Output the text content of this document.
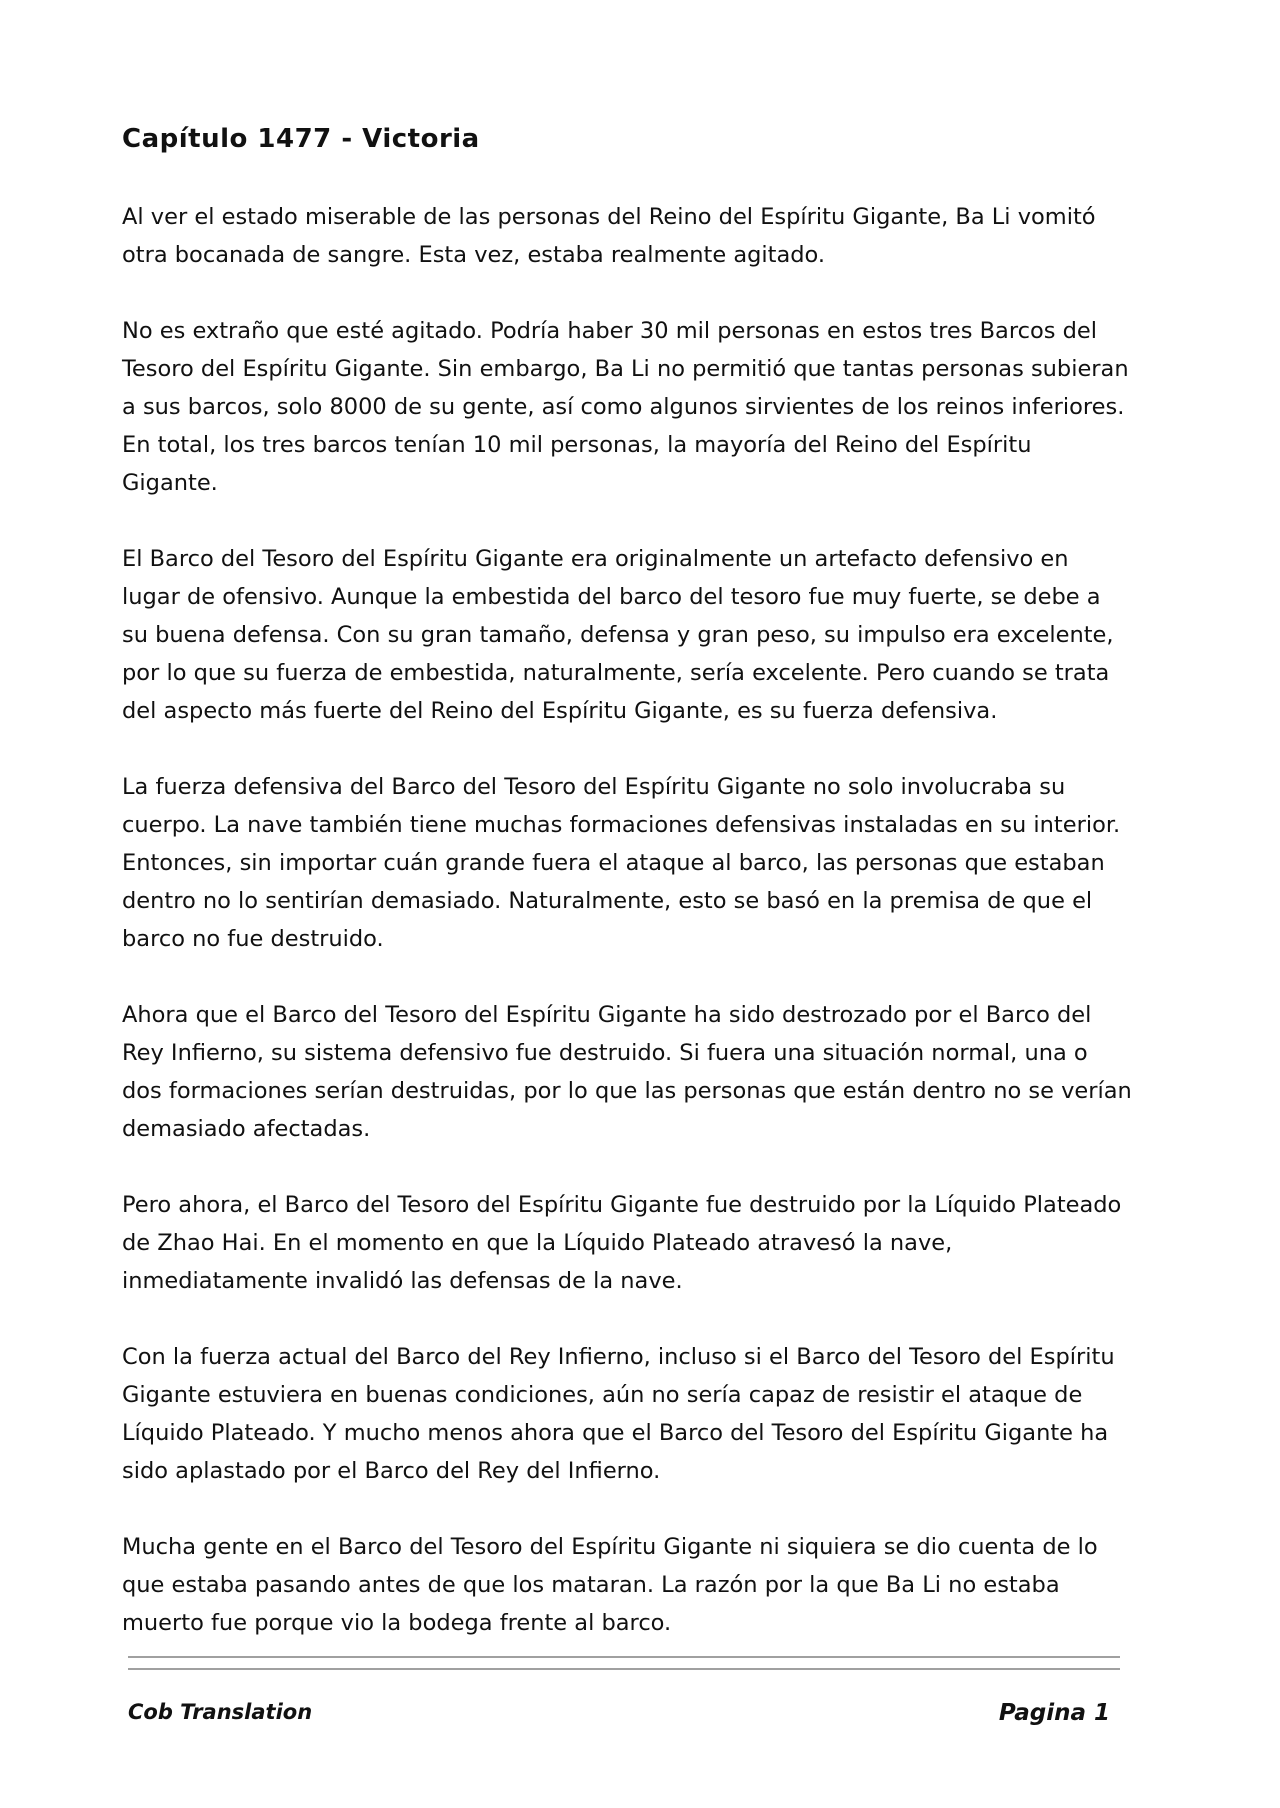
Capítulo 1477 - Victoria

Al ver el estado miserable de las personas del Reino del Espíritu Gigante, Ba Li vomitó otra bocanada de sangre. Esta vez, estaba realmente agitado.

No es extraño que esté agitado. Podría haber 30 mil personas en estos tres Barcos del Tesoro del Espíritu Gigante. Sin embargo, Ba Li no permitió que tantas personas subieran a sus barcos, solo 8000 de su gente, así como algunos sirvientes de los reinos inferiores. En total, los tres barcos tenían 10 mil personas, la mayoría del Reino del Espíritu Gigante.

El Barco del Tesoro del Espíritu Gigante era originalmente un artefacto defensivo en lugar de ofensivo. Aunque la embestida del barco del tesoro fue muy fuerte, se debe a su buena defensa. Con su gran tamaño, defensa y gran peso, su impulso era excelente, por lo que su fuerza de embestida, naturalmente, sería excelente. Pero cuando se trata del aspecto más fuerte del Reino del Espíritu Gigante, es su fuerza defensiva.

La fuerza defensiva del Barco del Tesoro del Espíritu Gigante no solo involucraba su cuerpo. La nave también tiene muchas formaciones defensivas instaladas en su interior. Entonces, sin importar cuán grande fuera el ataque al barco, las personas que estaban dentro no lo sentirían demasiado. Naturalmente, esto se basó en la premisa de que el barco no fue destruido.

Ahora que el Barco del Tesoro del Espíritu Gigante ha sido destrozado por el Barco del Rey Infierno, su sistema defensivo fue destruido. Si fuera una situación normal, una o dos formaciones serían destruidas, por lo que las personas que están dentro no se verían demasiado afectadas.

Pero ahora, el Barco del Tesoro del Espíritu Gigante fue destruido por la Líquido Plateado de Zhao Hai. En el momento en que la Líquido Plateado atravesó la nave, inmediatamente invalidó las defensas de la nave.

Con la fuerza actual del Barco del Rey Infierno, incluso si el Barco del Tesoro del Espíritu Gigante estuviera en buenas condiciones, aún no sería capaz de resistir el ataque de Líquido Plateado. Y mucho menos ahora que el Barco del Tesoro del Espíritu Gigante ha sido aplastado por el Barco del Rey del Infierno.

Mucha gente en el Barco del Tesoro del Espíritu Gigante ni siquiera se dio cuenta de lo que estaba pasando antes de que los mataran. La razón por la que Ba Li no estaba muerto fue porque vio la bodega frente al barco.

Cob Translation	Pagina 1
